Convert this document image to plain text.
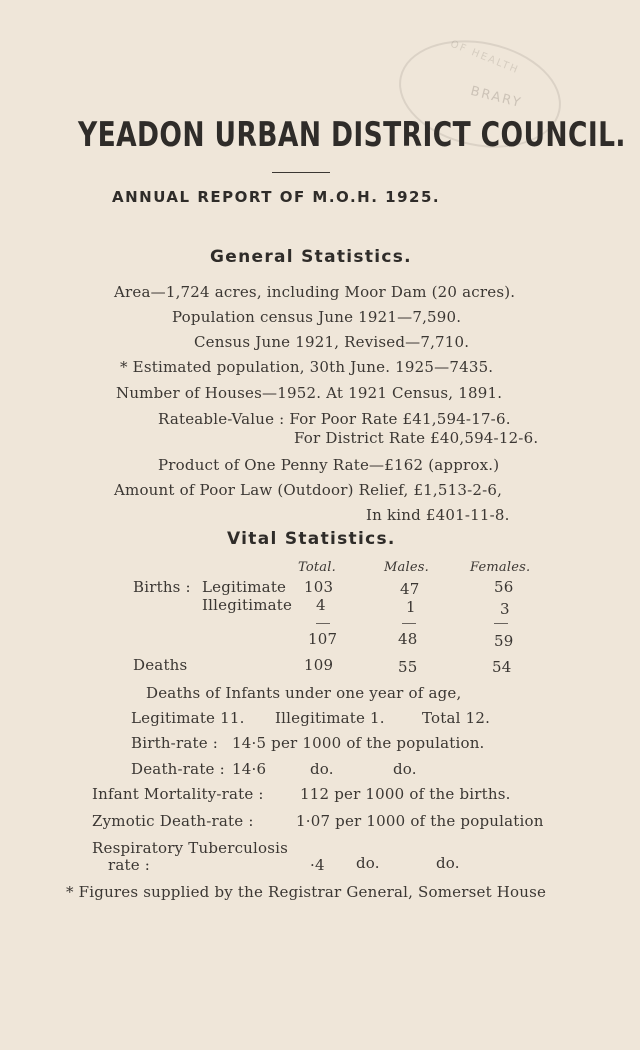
OF HEALTH
BRARY
YEADON URBAN DISTRICT COUNCIL.
ANNUAL REPORT OF M.O.H. 1925.
General Statistics.
Area—1,724 acres, including Moor Dam (20 acres).
Population census June 1921—7,590.
Census June 1921, Revised—7,710.
* Estimated population, 30th June. 1925—7435.
Number of Houses—1952. At 1921 Census, 1891.
Rateable-Value : For Poor Rate £41,594-17-6.
For District Rate £40,594-12-6.
Product of One Penny Rate—£162 (approx.)
Amount of Poor Law (Outdoor) Relief, £1,513-2-6,
In kind £401-11-8.
Vital Statistics.
Total.	Males.	Females.
Births : Legitimate 103	47	56
Illegitimate 4	1	3
107	48	59
Deaths	109	55	54
Deaths of Infants under one year of age,
Legitimate 11. Illegitimate 1. Total 12.
Birth-rate : 14·5 per 1000 of the population.
Death-rate : 14·6	do.	do.
Infant Mortality-rate : 112 per 1000 of the births.
Zymotic Death-rate :	1·07 per 1000 of the population
Respiratory Tuberculosis
rate :	·4 do.	do.
* Figures supplied by the Registrar General, Somerset House
